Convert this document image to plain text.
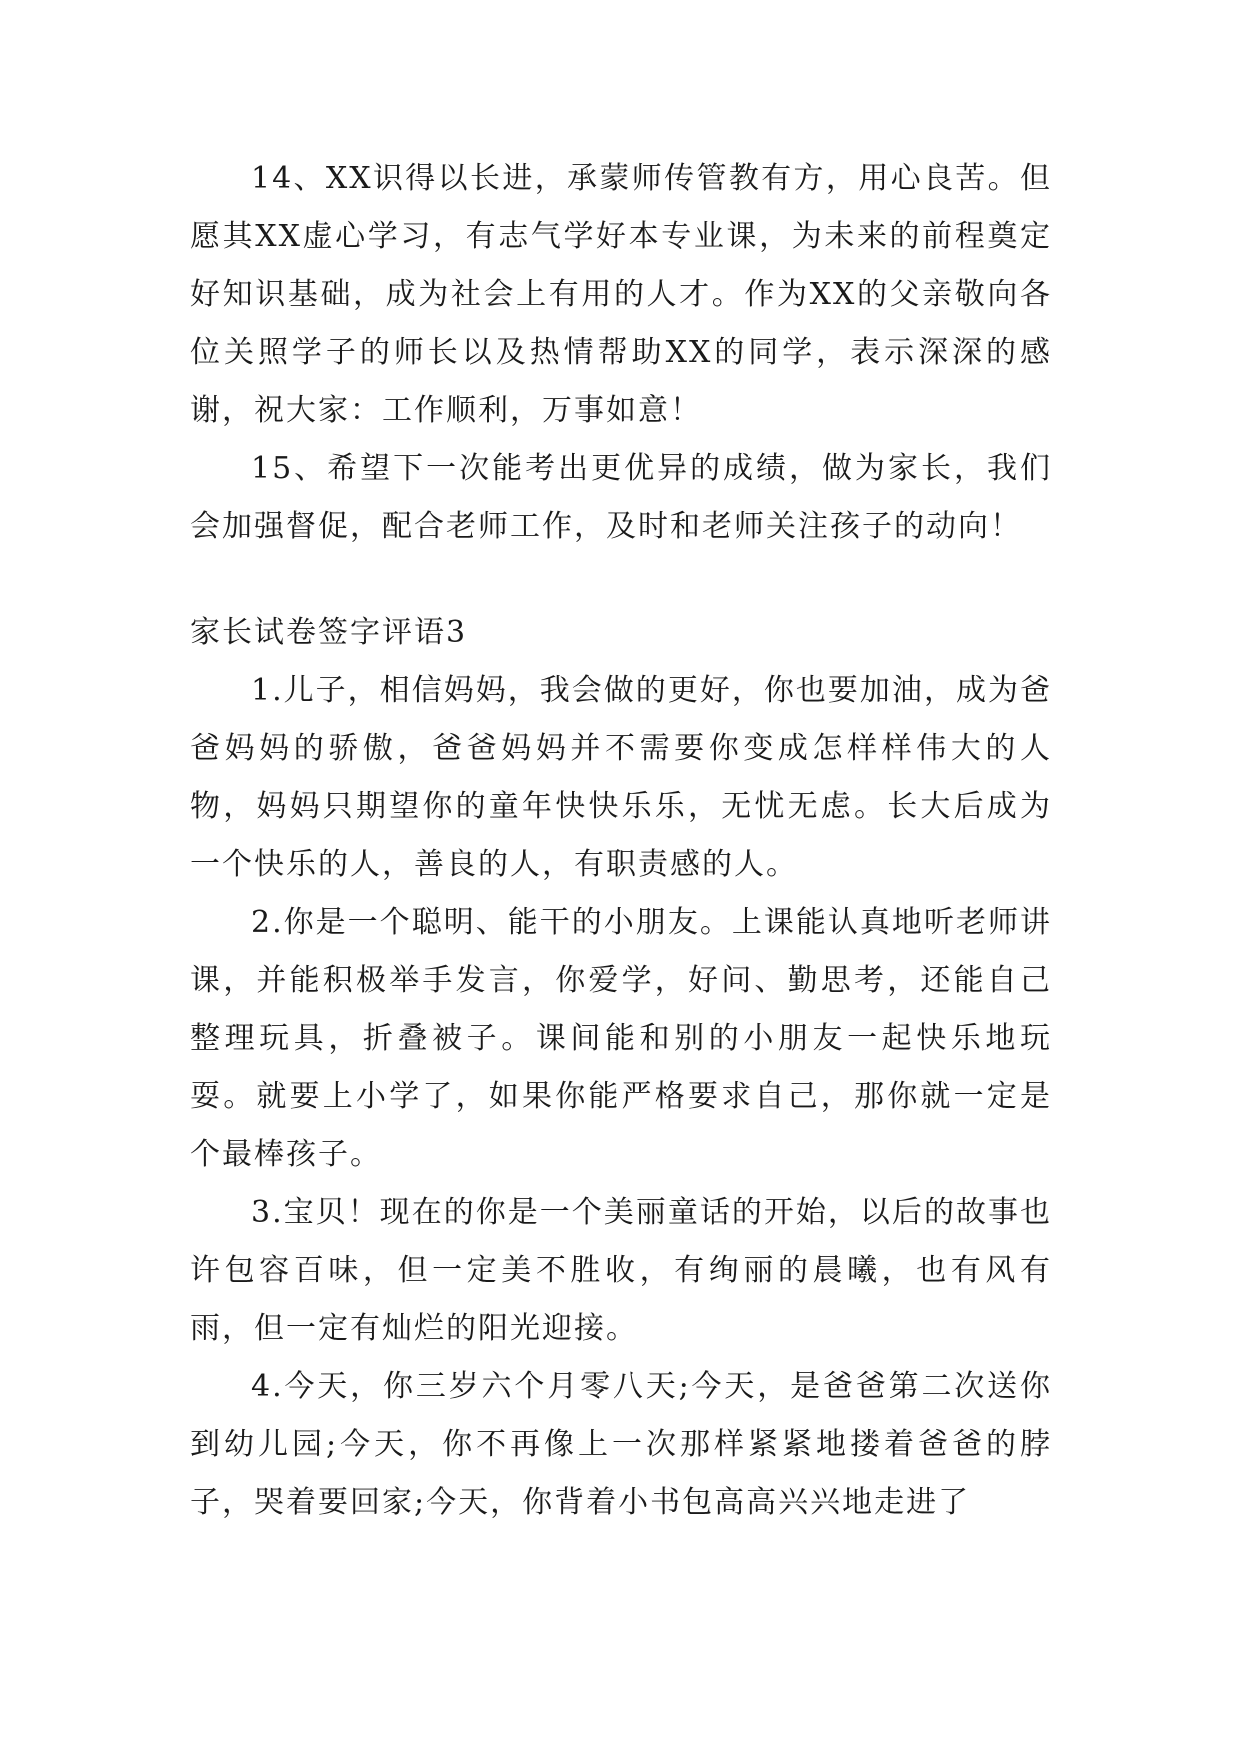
14、XX识得以长进，承蒙师传管教有方，用心良苦。但愿其XX虚心学习，有志气学好本专业课，为未来的前程奠定好知识基础，成为社会上有用的人才。作为XX的父亲敬向各位关照学子的师长以及热情帮助XX的同学，表示深深的感谢，祝大家：工作顺利，万事如意！

15、希望下一次能考出更优异的成绩，做为家长，我们会加强督促，配合老师工作，及时和老师关注孩子的动向！

家长试卷签字评语3

1.儿子，相信妈妈，我会做的更好，你也要加油，成为爸爸妈妈的骄傲，爸爸妈妈并不需要你变成怎样样伟大的人物，妈妈只期望你的童年快快乐乐，无忧无虑。长大后成为一个快乐的人，善良的人，有职责感的人。

2.你是一个聪明、能干的小朋友。上课能认真地听老师讲课，并能积极举手发言，你爱学，好问、勤思考，还能自己整理玩具，折叠被子。课间能和别的小朋友一起快乐地玩耍。就要上小学了，如果你能严格要求自己，那你就一定是个最棒孩子。

3.宝贝！现在的你是一个美丽童话的开始，以后的故事也许包容百味，但一定美不胜收，有绚丽的晨曦，也有风有雨，但一定有灿烂的阳光迎接。

4.今天，你三岁六个月零八天;今天，是爸爸第二次送你到幼儿园;今天，你不再像上一次那样紧紧地搂着爸爸的脖子，哭着要回家;今天，你背着小书包高高兴兴地走进了
